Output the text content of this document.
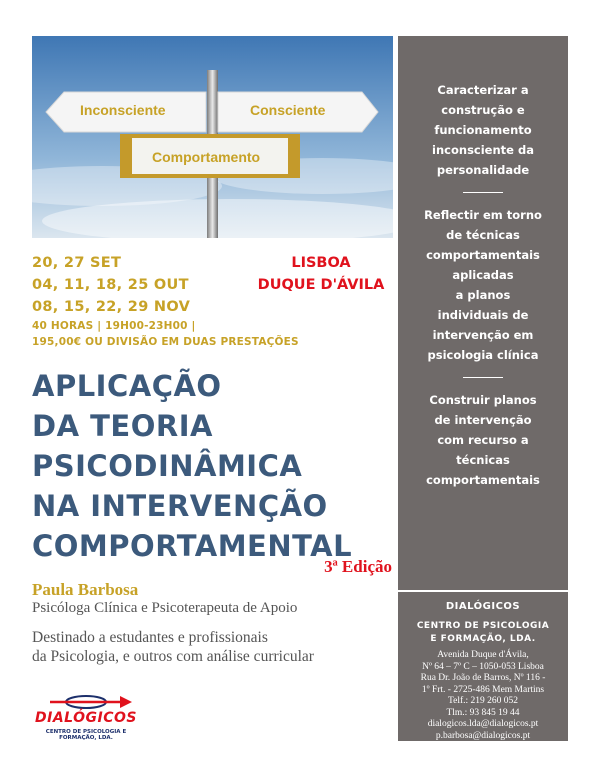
Inconsciente	Consciente
Comportamento
20, 27 SET
04, 11, 18, 25 OUT
08, 15, 22, 29 NOV
40 HORAS | 19H00-23H00 |
195,00€ OU DIVISÃO EM DUAS PRESTAÇÕES
LISBOA
DUQUE D'ÁVILA
APLICAÇÃO
DA TEORIA
PSICODINÂMICA
NA INTERVENÇÃO
COMPORTAMENTAL
3ª Edição
Paula Barbosa
Psicóloga Clínica e Psicoterapeuta de Apoio
Destinado a estudantes e profissionais
da Psicologia, e outros com análise curricular
DIALÓGICOS
CENTRO DE PSICOLOGIA E FORMAÇÃO, LDA.
Caracterizar a
construção e
funcionamento
inconsciente da
personalidade
Reflectir em torno
de técnicas
comportamentais
aplicadas
a planos
individuais de
intervenção em
psicologia clínica
Construir planos
de intervenção
com recurso a
técnicas
comportamentais
DIALÓGICOS
CENTRO DE PSICOLOGIA
E FORMAÇÃO, LDA.
Avenida Duque d'Ávila,
Nº 64 – 7º C – 1050-053 Lisboa
Rua Dr. João de Barros, Nº 116 -
1º Frt. - 2725-486 Mem Martins
Telf.: 219 260 052
Tlm.: 93 845 19 44
dialogicos.lda@dialogicos.pt
p.barbosa@dialogicos.pt
